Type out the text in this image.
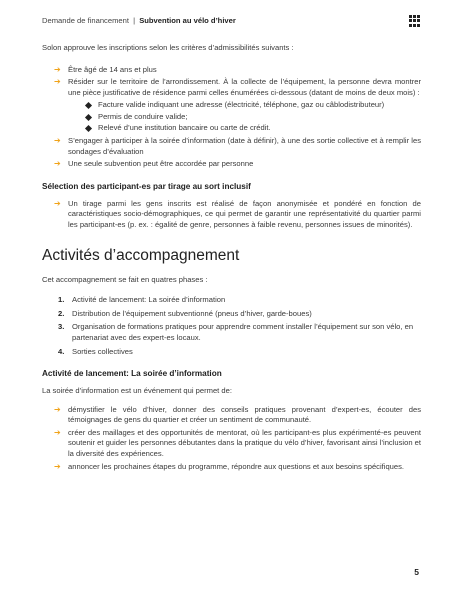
Demande de financement | Subvention au vélo d’hiver

Solon approuve les inscriptions selon les critères d’admissibilités suivants :

➔ Être âgé de 14 ans et plus
➔ Résider sur le territoire de l’arrondissement. À la collecte de l’équipement, la personne devra montrer une pièce justificative de résidence parmi celles énumérées ci-dessous (datant de moins de deux mois) :
Facture valide indiquant une adresse (électricité, téléphone, gaz ou câblodistributeur)
Permis de conduire valide;
Relevé d’une institution bancaire ou carte de crédit.
➔ S’engager à participer à la soirée d’information (date à définir), à une des sortie collective et à remplir les sondages d’évaluation
➔ Une seule subvention peut être accordée par personne
Sélection des participant-es par tirage au sort inclusif
➔ Un tirage parmi les gens inscrits est réalisé de façon anonymisée et pondéré en fonction de caractéristiques socio-démographiques, ce qui permet de garantir une représentativité du quartier parmi les participant-es (p. ex. : égalité de genre, personnes à faible revenu, personnes issues de minorités).
Activités d’accompagnement

Cet accompagnement se fait en quatres phases :

1. Activité de lancement: La soirée d’information
2. Distribution de l’équipement subventionné (pneus d’hiver, garde-boues)
3. Organisation de formations pratiques pour apprendre comment installer l’équipement sur son vélo, en partenariat avec des expert-es locaux.
4. Sorties collectives
Activité de lancement: La soirée d’information

La soirée d’information est un événement qui permet de:

➔ démystifier le vélo d’hiver, donner des conseils pratiques provenant d’expert-es, écouter des témoignages de gens du quartier et créer un sentiment de communauté.
➔ créer des maillages et des opportunités de mentorat, où les participant-es plus expérimenté-es peuvent soutenir et guider les personnes débutantes dans la pratique du vélo d’hiver, favorisant ainsi l’inclusion et la diversité des expériences.
➔ annoncer les prochaines étapes du programme, répondre aux questions et aux besoins spécifiques.
5
